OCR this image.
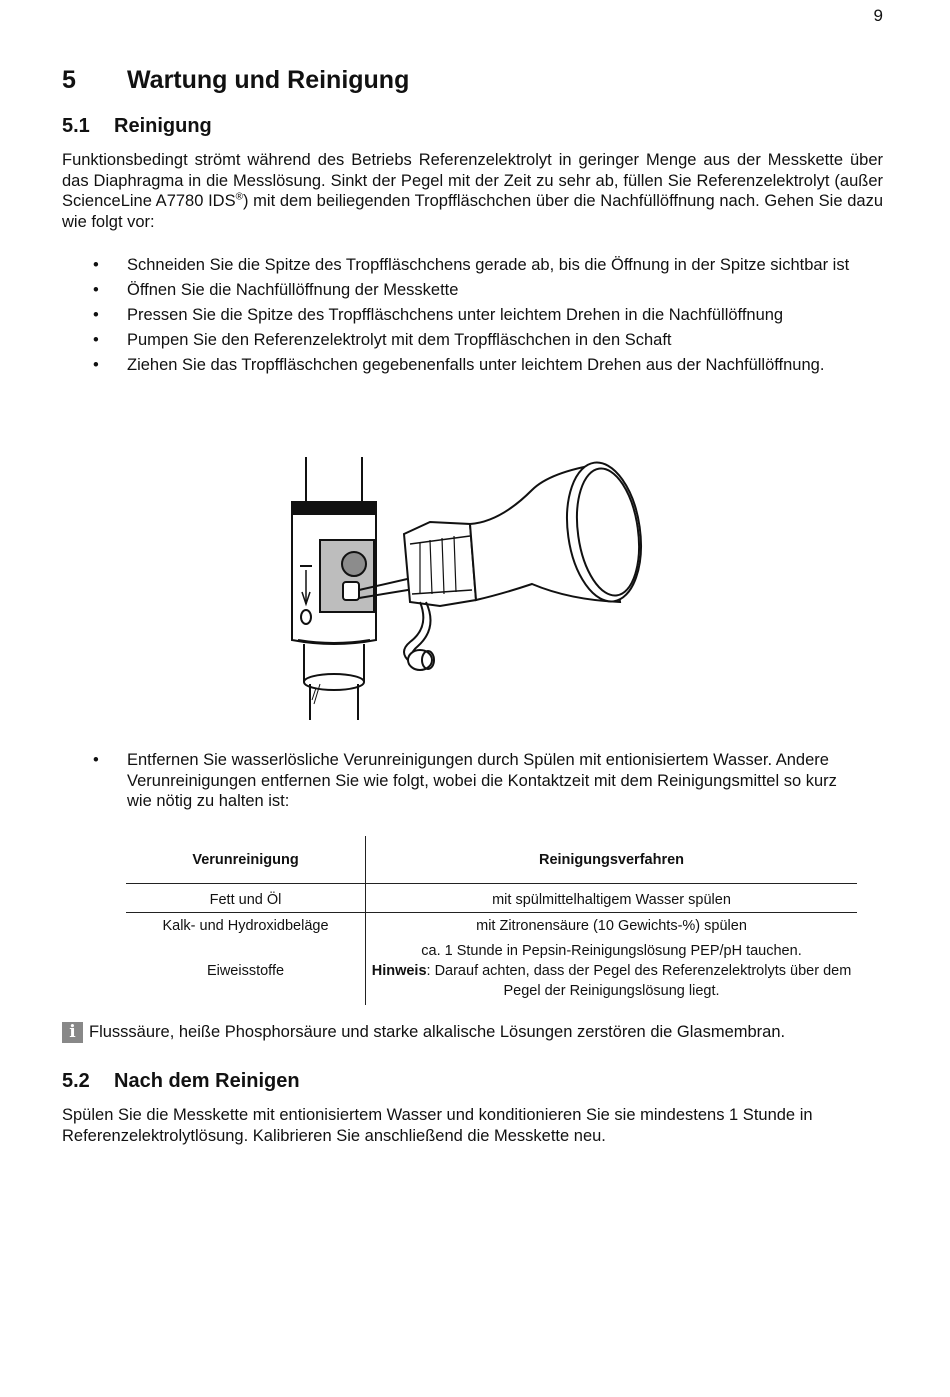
9
5 Wartung und Reinigung
5.1 Reinigung

Funktionsbedingt strömt während des Betriebs Referenzelektrolyt in geringer Menge aus der Messkette über das Diaphragma in die Messlösung. Sinkt der Pegel mit der Zeit zu sehr ab, füllen Sie Referenzelektrolyt (außer ScienceLine A7780 IDS®) mit dem beiliegenden Tropffläschchen über die Nachfüllöffnung nach. Gehen Sie dazu wie folgt vor:

• Schneiden Sie die Spitze des Tropffläschchens gerade ab, bis die Öffnung in der Spitze sichtbar ist
• Öffnen Sie die Nachfüllöffnung der Messkette
• Pressen Sie die Spitze des Tropffläschchens unter leichtem Drehen in die Nachfüllöffnung
• Pumpen Sie den Referenzelektrolyt mit dem Tropffläschchen in den Schaft
• Ziehen Sie das Tropffläschchen gegebenenfalls unter leichtem Drehen aus der Nachfüllöffnung.
• Entfernen Sie wasserlösliche Verunreinigungen durch Spülen mit entionisiertem Wasser. Andere Verunreinigungen entfernen Sie wie folgt, wobei die Kontaktzeit mit dem Reinigungsmittel so kurz wie nötig zu halten ist:
Verunreinigung	Reinigungsverfahren
Fett und Öl	mit spülmittelhaltigem Wasser spülen
Kalk- und Hydroxidbeläge	mit Zitronensäure (10 Gewichts-%) spülen
Eiweisstoffe	ca. 1 Stunde in Pepsin-Reinigungslösung PEP/pH tauchen.
Hinweis: Darauf achten, dass der Pegel des Referenzelektrolyts über dem Pegel der Reinigungslösung liegt.
i Flusssäure, heiße Phosphorsäure und starke alkalische Lösungen zerstören die Glasmembran.
5.2 Nach dem Reinigen

Spülen Sie die Messkette mit entionisiertem Wasser und konditionieren Sie sie mindestens 1 Stunde in Referenzelektrolytlösung. Kalibrieren Sie anschließend die Messkette neu.
